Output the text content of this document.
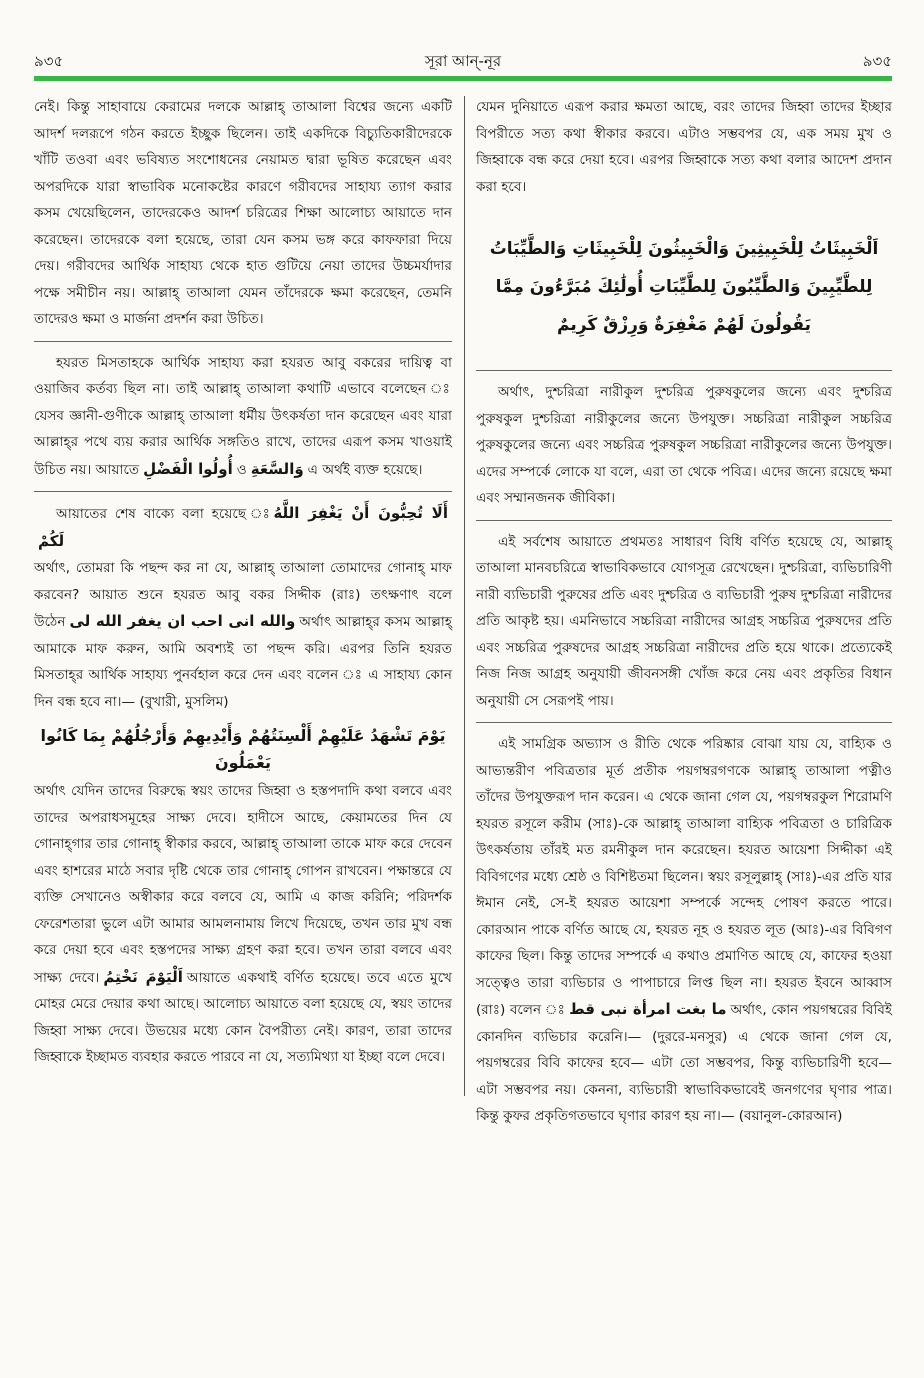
৯৩৫	সূরা আন্-নূর	৯৩৫

নেই। কিন্তু সাহাবায়ে কেরামের দলকে আল্লাহ্ তাআলা বিশ্বের জন্যে একটি আদর্শ দলরূপে গঠন করতে ইচ্ছুক ছিলেন। তাই একদিকে বিচ্যুতিকারীদেরকে খাঁটি তওবা এবং ভবিষ্যত সংশোধনের নেয়ামত দ্বারা ভূষিত করেছেন এবং অপরদিকে যারা স্বাভাবিক মনোকষ্টের কারণে গরীবদের সাহায্য ত্যাগ করার কসম খেয়েছিলেন, তাদেরকেও আদর্শ চরিত্রের শিক্ষা আলোচ্য আয়াতে দান করেছেন। তাদেরকে বলা হয়েছে, তারা যেন কসম ভঙ্গ করে কাফফারা দিয়ে দেয়। গরীবদের আর্থিক সাহায্য থেকে হাত গুটিয়ে নেয়া তাদের উচ্চমর্যাদার পক্ষে সমীচীন নয়। আল্লাহ্ তাআলা যেমন তাঁদেরকে ক্ষমা করেছেন, তেমনি তাদেরও ক্ষমা ও মার্জনা প্রদর্শন করা উচিত।

হযরত মিসতাহকে আর্থিক সাহায্য করা হযরত আবু বকরের দায়িত্ব বা ওয়াজিব কর্তব্য ছিল না। তাই আল্লাহ্ তাআলা কথাটি এভাবে বলেছেন ঃ যেসব জ্ঞানী-গুণীকে আল্লাহ্ তাআলা ধর্মীয় উৎকর্ষতা দান করেছেন এবং যারা আল্লাহ্‌র পথে ব্যয় করার আর্থিক সঙ্গতিও রাখে, তাদের এরূপ কসম খাওয়াই উচিত নয়। আয়াতে أُولُوا الْفَضْلِ ও وَالسَّعَةِ এ অর্থই ব্যক্ত হয়েছে।

আয়াতের শেষ বাক্যে বলা হয়েছে ঃأَلَا تُحِبُّونَ أَنْ يَغْفِرَ اللَّهُ لَكُمْ
অর্থাৎ, তোমরা কি পছন্দ কর না যে, আল্লাহ্ তাআলা তোমাদের গোনাহ্ মাফ করবেন? আয়াত শুনে হযরত আবু বকর সিদ্দীক (রাঃ) তৎক্ষণাৎ বলে উঠেন والله انى احب ان يغفر الله لى অর্থাৎ আল্লাহ্‌র কসম আল্লাহ্ আমাকে মাফ করুন, আমি অবশ্যই তা পছন্দ করি। এরপর তিনি হযরত মিসতাহ্‌র আর্থিক সাহায্য পুনর্বহাল করে দেন এবং বলেন ঃ এ সাহায্য কোন দিন বন্ধ হবে না।— (বুখারী, মুসলিম)

يَوْمَ تَشْهَدُ عَلَيْهِمْ أَلْسِنَتُهُمْ وَأَيْدِيهِمْ وَأَرْجُلُهُمْ بِمَا كَانُوا يَعْمَلُونَ

অর্থাৎ যেদিন তাদের বিরুদ্ধে স্বয়ং তাদের জিহ্বা ও হস্তপদাদি কথা বলবে এবং তাদের অপরাধসমূহের সাক্ষ্য দেবে। হাদীসে আছে, কেয়ামতের দিন যে গোনাহ্‌গার তার গোনাহ্ স্বীকার করবে, আল্লাহ্ তাআলা তাকে মাফ করে দেবেন এবং হাশরের মাঠে সবার দৃষ্টি থেকে তার গোনাহ্ গোপন রাখবেন। পক্ষান্তরে যে ব্যক্তি সেখানেও অস্বীকার করে বলবে যে, আমি এ কাজ করিনি; পরিদর্শক ফেরেশতারা ভুলে এটা আমার আমলনামায় লিখে দিয়েছে, তখন তার মুখ বন্ধ করে দেয়া হবে এবং হস্তপদের সাক্ষ্য গ্রহণ করা হবে। তখন তারা বলবে এবং সাক্ষ্য দেবে। اَلْيَوْمَ نَخْتِمُ আয়াতে একথাই বর্ণিত হয়েছে। তবে এতে মুখে মোহর মেরে দেয়ার কথা আছে। আলোচ্য আয়াতে বলা হয়েছে যে, স্বয়ং তাদের জিহ্বা সাক্ষ্য দেবে। উভয়ের মধ্যে কোন বৈপরীত্য নেই। কারণ, তারা তাদের জিহ্বাকে ইচ্ছামত ব্যবহার করতে পারবে না যে, সত্যমিথ্যা যা ইচ্ছা বলে দেবে।

যেমন দুনিয়াতে এরূপ করার ক্ষমতা আছে, বরং তাদের জিহ্বা তাদের ইচ্ছার বিপরীতে সত্য কথা স্বীকার করবে। এটাও সম্ভবপর যে, এক সময় মুখ ও জিহ্বাকে বন্ধ করে দেয়া হবে। এরপর জিহ্বাকে সত্য কথা বলার আদেশ প্রদান করা হবে।

اَلْخَبِيثَاتُ لِلْخَبِيثِينَ وَالْخَبِيثُونَ لِلْخَبِيثَاتِ وَالطَّيِّبَاتُ
لِلطَّيِّبِينَ وَالطَّيِّبُونَ لِلطَّيِّبَاتِ أُولَٰئِكَ مُبَرَّءُونَ مِمَّا
يَقُولُونَ لَهُمْ مَغْفِرَةٌ وَرِزْقٌ كَرِيمٌ

অর্থাৎ, দুশ্চরিত্রা নারীকুল দুশ্চরিত্র পুরুষকুলের জন্যে এবং দুশ্চরিত্র পুরুষকুল দুশ্চরিত্রা নারীকুলের জন্যে উপযুক্ত। সচ্চরিত্রা নারীকুল সচ্চরিত্র পুরুষকুলের জন্যে এবং সচ্চরিত্র পুরুষকুল সচ্চরিত্রা নারীকুলের জন্যে উপযুক্ত। এদের সম্পর্কে লোকে যা বলে, এরা তা থেকে পবিত্র। এদের জন্যে রয়েছে ক্ষমা এবং সম্মানজনক জীবিকা।

এই সর্বশেষ আয়াতে প্রথমতঃ সাধারণ বিধি বর্ণিত হয়েছে যে, আল্লাহ্ তাআলা মানবচরিত্রে স্বাভাবিকভাবে যোগসূত্র রেখেছেন। দুশ্চরিত্রা, ব্যভিচারিণী নারী ব্যভিচারী পুরুষের প্রতি এবং দুশ্চরিত্র ও ব্যভিচারী পুরুষ দুশ্চরিত্রা নারীদের প্রতি আকৃষ্ট হয়। এমনিভাবে সচ্চরিত্রা নারীদের আগ্রহ সচ্চরিত্র পুরুষদের প্রতি এবং সচ্চরিত্র পুরুষদের আগ্রহ সচ্চরিত্রা নারীদের প্রতি হয়ে থাকে। প্রত্যেকেই নিজ নিজ আগ্রহ অনুযায়ী জীবনসঙ্গী খোঁজ করে নেয় এবং প্রকৃতির বিধান অনুযায়ী সে সেরূপই পায়।

এই সামগ্রিক অভ্যাস ও রীতি থেকে পরিষ্কার বোঝা যায় যে, বাহ্যিক ও আভ্যন্তরীণ পবিত্রতার মূর্ত প্রতীক পয়গম্বরগণকে আল্লাহ্ তাআলা পত্নীও তাঁদের উপযুক্তরূপ দান করেন। এ থেকে জানা গেল যে, পয়গম্বরকুল শিরোমণি হযরত রসূলে করীম (সাঃ)-কে আল্লাহ্ তাআলা বাহ্যিক পবিত্রতা ও চারিত্রিক উৎকর্ষতায় তাঁরই মত রমনীকুল দান করেছেন। হযরত আয়েশা সিদ্দীকা এই বিবিগণের মধ্যে শ্রেষ্ঠ ও বিশিষ্টতমা ছিলেন। স্বয়ং রসূলুল্লাহ্ (সাঃ)-এর প্রতি যার ঈমান নেই, সে-ই হযরত আয়েশা সম্পর্কে সন্দেহ পোষণ করতে পারে। কোরআন পাকে বর্ণিত আছে যে, হযরত নূহ ও হযরত লূত (আঃ)-এর বিবিগণ কাফের ছিল। কিন্তু তাদের সম্পর্কে এ কথাও প্রমাণিত আছে যে, কাফের হওয়া সত্ত্বেও তারা ব্যভিচার ও পাপাচারে লিপ্ত ছিল না। হযরত ইবনে আব্বাস (রাঃ) বলেন ঃ ما بغت امرأة نبى قط অর্থাৎ, কোন পয়গম্বরের বিবিই কোনদিন ব্যভিচার করেনি।— (দুররে-মনসুর) এ থেকে জানা গেল যে, পয়গম্বরের বিবি কাফের হবে— এটা তো সম্ভবপর, কিন্তু ব্যভিচারিণী হবে— এটা সম্ভবপর নয়। কেননা, ব্যভিচারী স্বাভাবিকভাবেই জনগণের ঘৃণার পাত্র। কিন্তু কুফর প্রকৃতিগতভাবে ঘৃণার কারণ হয় না।— (বয়ানুল-কোরআন)
